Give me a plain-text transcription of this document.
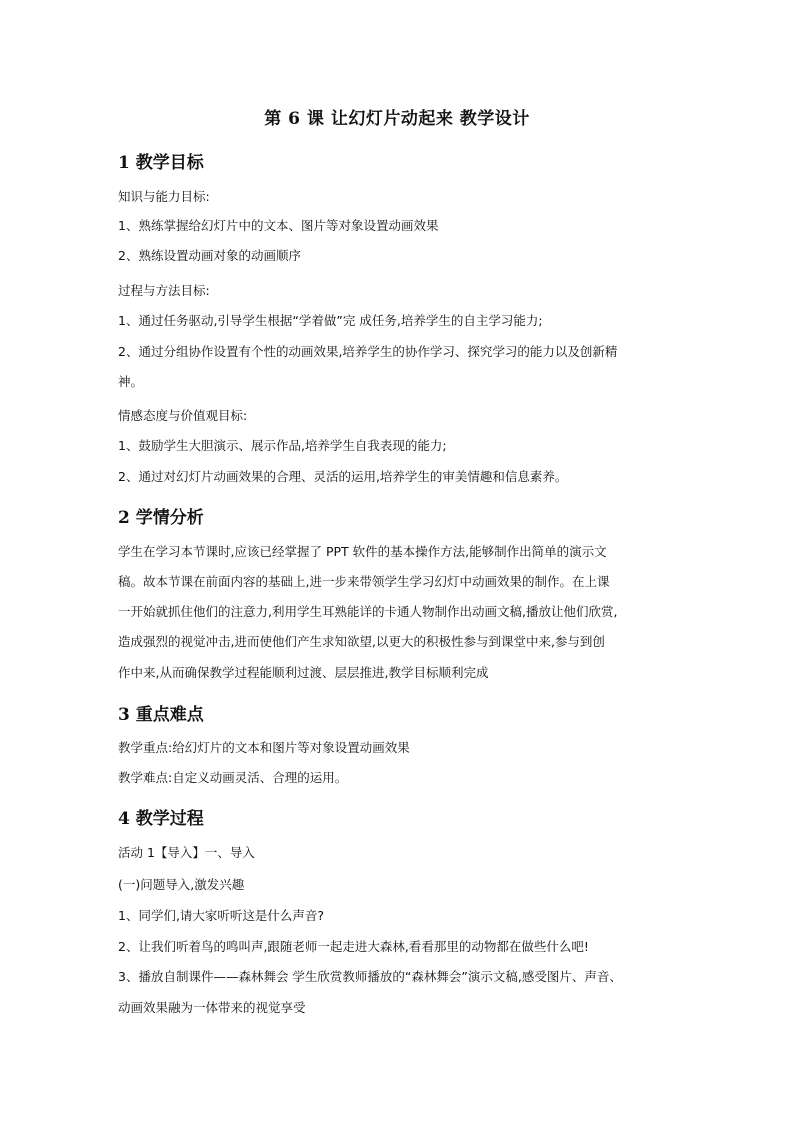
第 6 课 让幻灯片动起来 教学设计
1 教学目标
知识与能力目标:
1、熟练掌握给幻灯片中的文本、图片等对象设置动画效果
2、熟练设置动画对象的动画顺序
过程与方法目标:
1、通过任务驱动,引导学生根据“学着做”完 成任务,培养学生的自主学习能力;
2、通过分组协作设置有个性的动画效果,培养学生的协作学习、探究学习的能力以及创新精
神。
情感态度与价值观目标:
1、鼓励学生大胆演示、展示作品,培养学生自我表现的能力;
2、通过对幻灯片动画效果的合理、灵活的运用,培养学生的审美情趣和信息素养。
2 学情分析
学生在学习本节课时,应该已经掌握了 PPT 软件的基本操作方法,能够制作出简单的演示文
稿。故本节课在前面内容的基础上,进一步来带领学生学习幻灯中动画效果的制作。在上课
一开始就抓住他们的注意力,利用学生耳熟能详的卡通人物制作出动画文稿,播放让他们欣赏,
造成强烈的视觉冲击,进而使他们产生求知欲望,以更大的积极性参与到课堂中来,参与到创
作中来,从而确保教学过程能顺利过渡、层层推进,教学目标顺利完成
3 重点难点
教学重点:给幻灯片的文本和图片等对象设置动画效果
教学难点:自定义动画灵活、合理的运用。
4 教学过程
活动 1【导入】一、导入
(一)问题导入,激发兴趣
1、同学们,请大家听听这是什么声音?
2、让我们听着鸟的鸣叫声,跟随老师一起走进大森林,看看那里的动物都在做些什么吧!
3、播放自制课件——森林舞会 学生欣赏教师播放的“森林舞会”演示文稿,感受图片、声音、
动画效果融为一体带来的视觉享受
